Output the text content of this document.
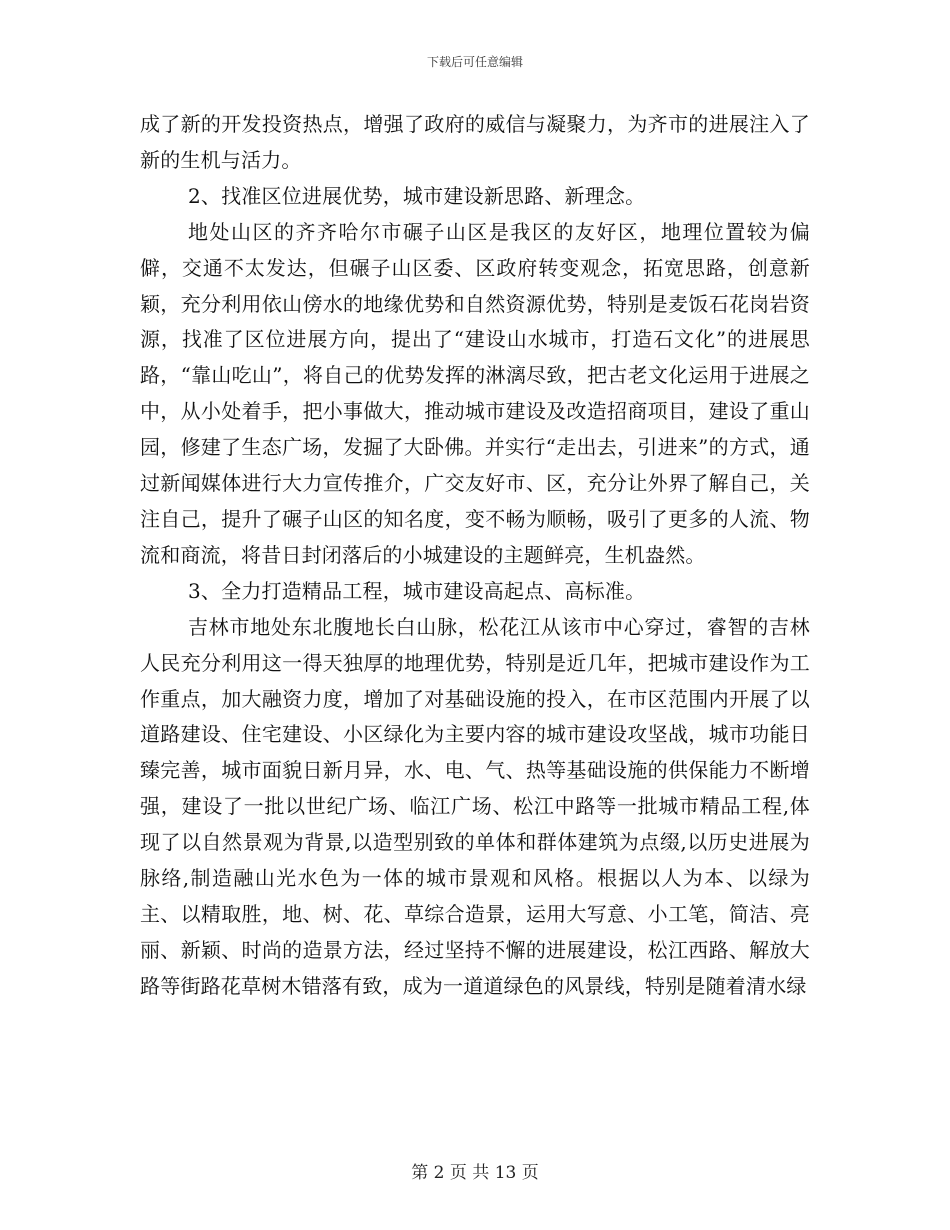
下载后可任意编辑

成了新的开发投资热点，增强了政府的威信与凝聚力，为齐市的进展注入了新的生机与活力。

2、找准区位进展优势，城市建设新思路、新理念。

地处山区的齐齐哈尔市碾子山区是我区的友好区，地理位置较为偏僻，交通不太发达，但碾子山区委、区政府转变观念，拓宽思路，创意新颖，充分利用依山傍水的地缘优势和自然资源优势，特别是麦饭石花岗岩资源，找准了区位进展方向，提出了“建设山水城市，打造石文化”的进展思路，“靠山吃山”，将自己的优势发挥的淋漓尽致，把古老文化运用于进展之中，从小处着手，把小事做大，推动城市建设及改造招商项目，建设了重山园，修建了生态广场，发掘了大卧佛。并实行“走出去，引进来”的方式，通过新闻媒体进行大力宣传推介，广交友好市、区，充分让外界了解自己，关注自己，提升了碾子山区的知名度，变不畅为顺畅，吸引了更多的人流、物流和商流，将昔日封闭落后的小城建设的主题鲜亮，生机盎然。

3、全力打造精品工程，城市建设高起点、高标准。

吉林市地处东北腹地长白山脉，松花江从该市中心穿过，睿智的吉林人民充分利用这一得天独厚的地理优势，特别是近几年，把城市建设作为工作重点，加大融资力度，增加了对基础设施的投入，在市区范围内开展了以道路建设、住宅建设、小区绿化为主要内容的城市建设攻坚战，城市功能日臻完善，城市面貌日新月异，水、电、气、热等基础设施的供保能力不断增强，建设了一批以世纪广场、临江广场、松江中路等一批城市精品工程,体现了以自然景观为背景,以造型别致的单体和群体建筑为点缀,以历史进展为脉络,制造融山光水色为一体的城市景观和风格。根据以人为本、以绿为主、以精取胜，地、树、花、草综合造景，运用大写意、小工笔，简洁、亮丽、新颖、时尚的造景方法，经过坚持不懈的进展建设，松江西路、解放大路等街路花草树木错落有致，成为一道道绿色的风景线，特别是随着清水绿

第 2 页 共 13 页
